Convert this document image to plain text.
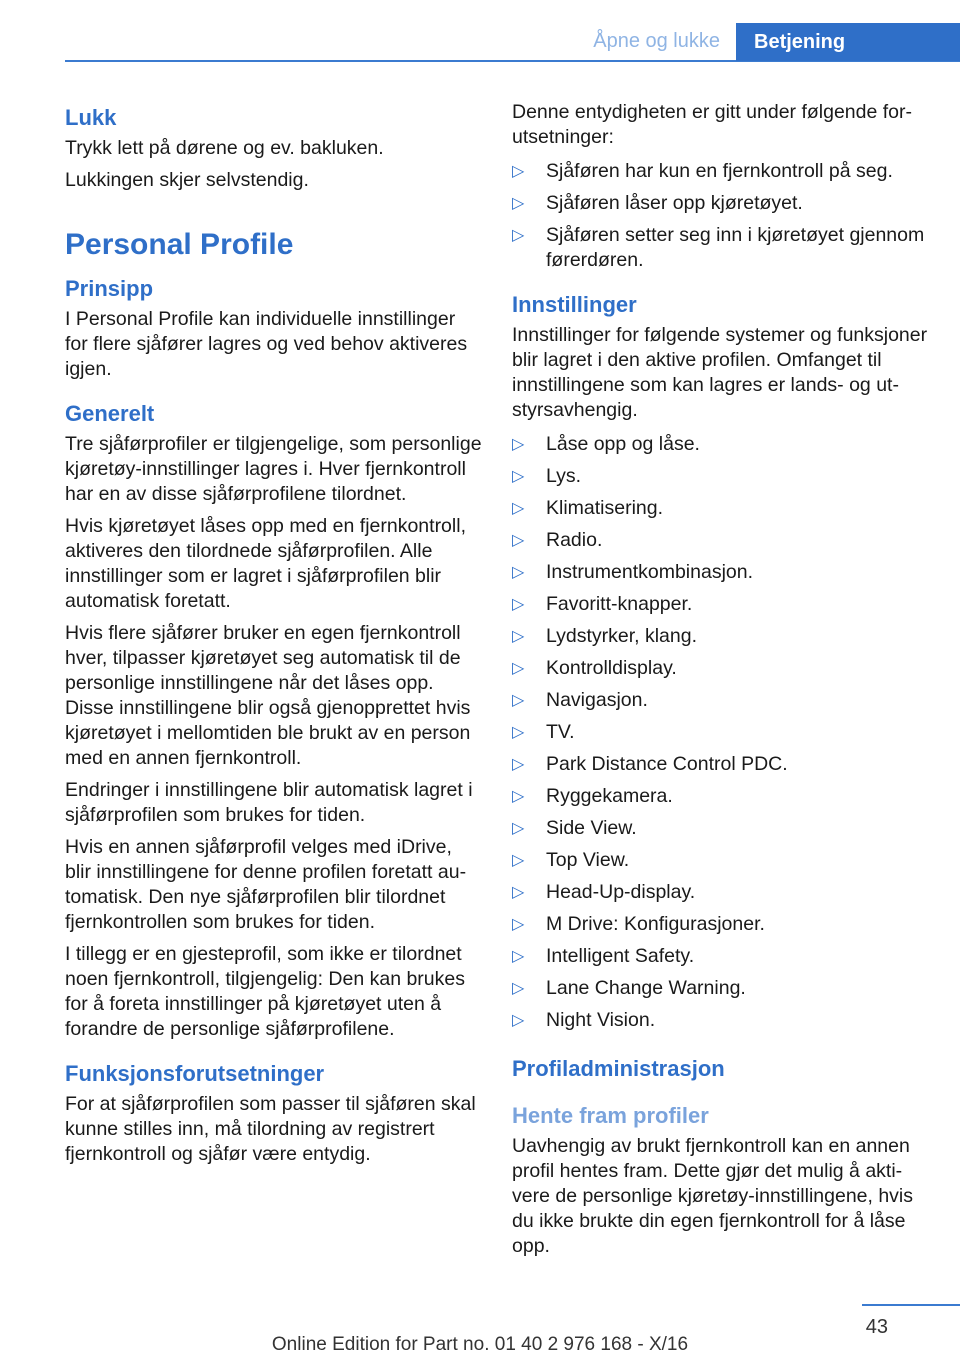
Åpne og lukke	Betjening
Lukk

Trykk lett på dørene og ev. bakluken.

Lukkingen skjer selvstendig.

Personal Profile
Prinsipp

I Personal Profile kan individuelle innstillinger for flere sjåfører lagres og ved behov aktiveres igjen.

Generelt

Tre sjåførprofiler er tilgjengelige, som personlige kjøretøy-innstillinger lagres i. Hver fjernkontroll har en av disse sjåførprofilene tilordnet.

Hvis kjøretøyet låses opp med en fjernkontroll, aktiveres den tilordnede sjåførprofilen. Alle innstillinger som er lagret i sjåførprofilen blir automatisk foretatt.

Hvis flere sjåfører bruker en egen fjernkontroll hver, tilpasser kjøretøyet seg automatisk til de personlige innstillingene når det låses opp. Disse innstillingene blir også gjenopprettet hvis kjøretøyet i mellomtiden ble brukt av en person med en annen fjernkontroll.

Endringer i innstillingene blir automatisk lagret i sjåførprofilen som brukes for tiden.

Hvis en annen sjåførprofil velges med iDrive, blir innstillingene for denne profilen foretatt automatisk. Den nye sjåførprofilen blir tilordnet fjernkontrollen som brukes for tiden.

I tillegg er en gjesteprofil, som ikke er tilordnet noen fjernkontroll, tilgjengelig: Den kan brukes for å foreta innstillinger på kjøretøyet uten å forandre de personlige sjåførprofilene.

Funksjonsforutsetninger

For at sjåførprofilen som passer til sjåføren skal kunne stilles inn, må tilordning av registrert fjernkontroll og sjåfør være entydig.

Denne entydigheten er gitt under følgende forutsetninger:

▷ Sjåføren har kun en fjernkontroll på seg.
▷ Sjåføren låser opp kjøretøyet.
▷ Sjåføren setter seg inn i kjøretøyet gjennom førerdøren.
Innstillinger

Innstillinger for følgende systemer og funksjoner blir lagret i den aktive profilen. Omfanget til innstillingene som kan lagres er lands- og utstyrsavhengig.

▷ Låse opp og låse.
▷ Lys.
▷ Klimatisering.
▷ Radio.
▷ Instrumentkombinasjon.
▷ Favoritt-knapper.
▷ Lydstyrker, klang.
▷ Kontrolldisplay.
▷ Navigasjon.
▷ TV.
▷ Park Distance Control PDC.
▷ Ryggekamera.
▷ Side View.
▷ Top View.
▷ Head-Up-display.
▷ M Drive: Konfigurasjoner.
▷ Intelligent Safety.
▷ Lane Change Warning.
▷ Night Vision.
Profiladministrasjon
Hente fram profiler

Uavhengig av brukt fjernkontroll kan en annen profil hentes fram. Dette gjør det mulig å aktivere de personlige kjøretøy-innstillingene, hvis du ikke brukte din egen fjernkontroll for å låse opp.

43
Online Edition for Part no. 01 40 2 976 168 - X/16
